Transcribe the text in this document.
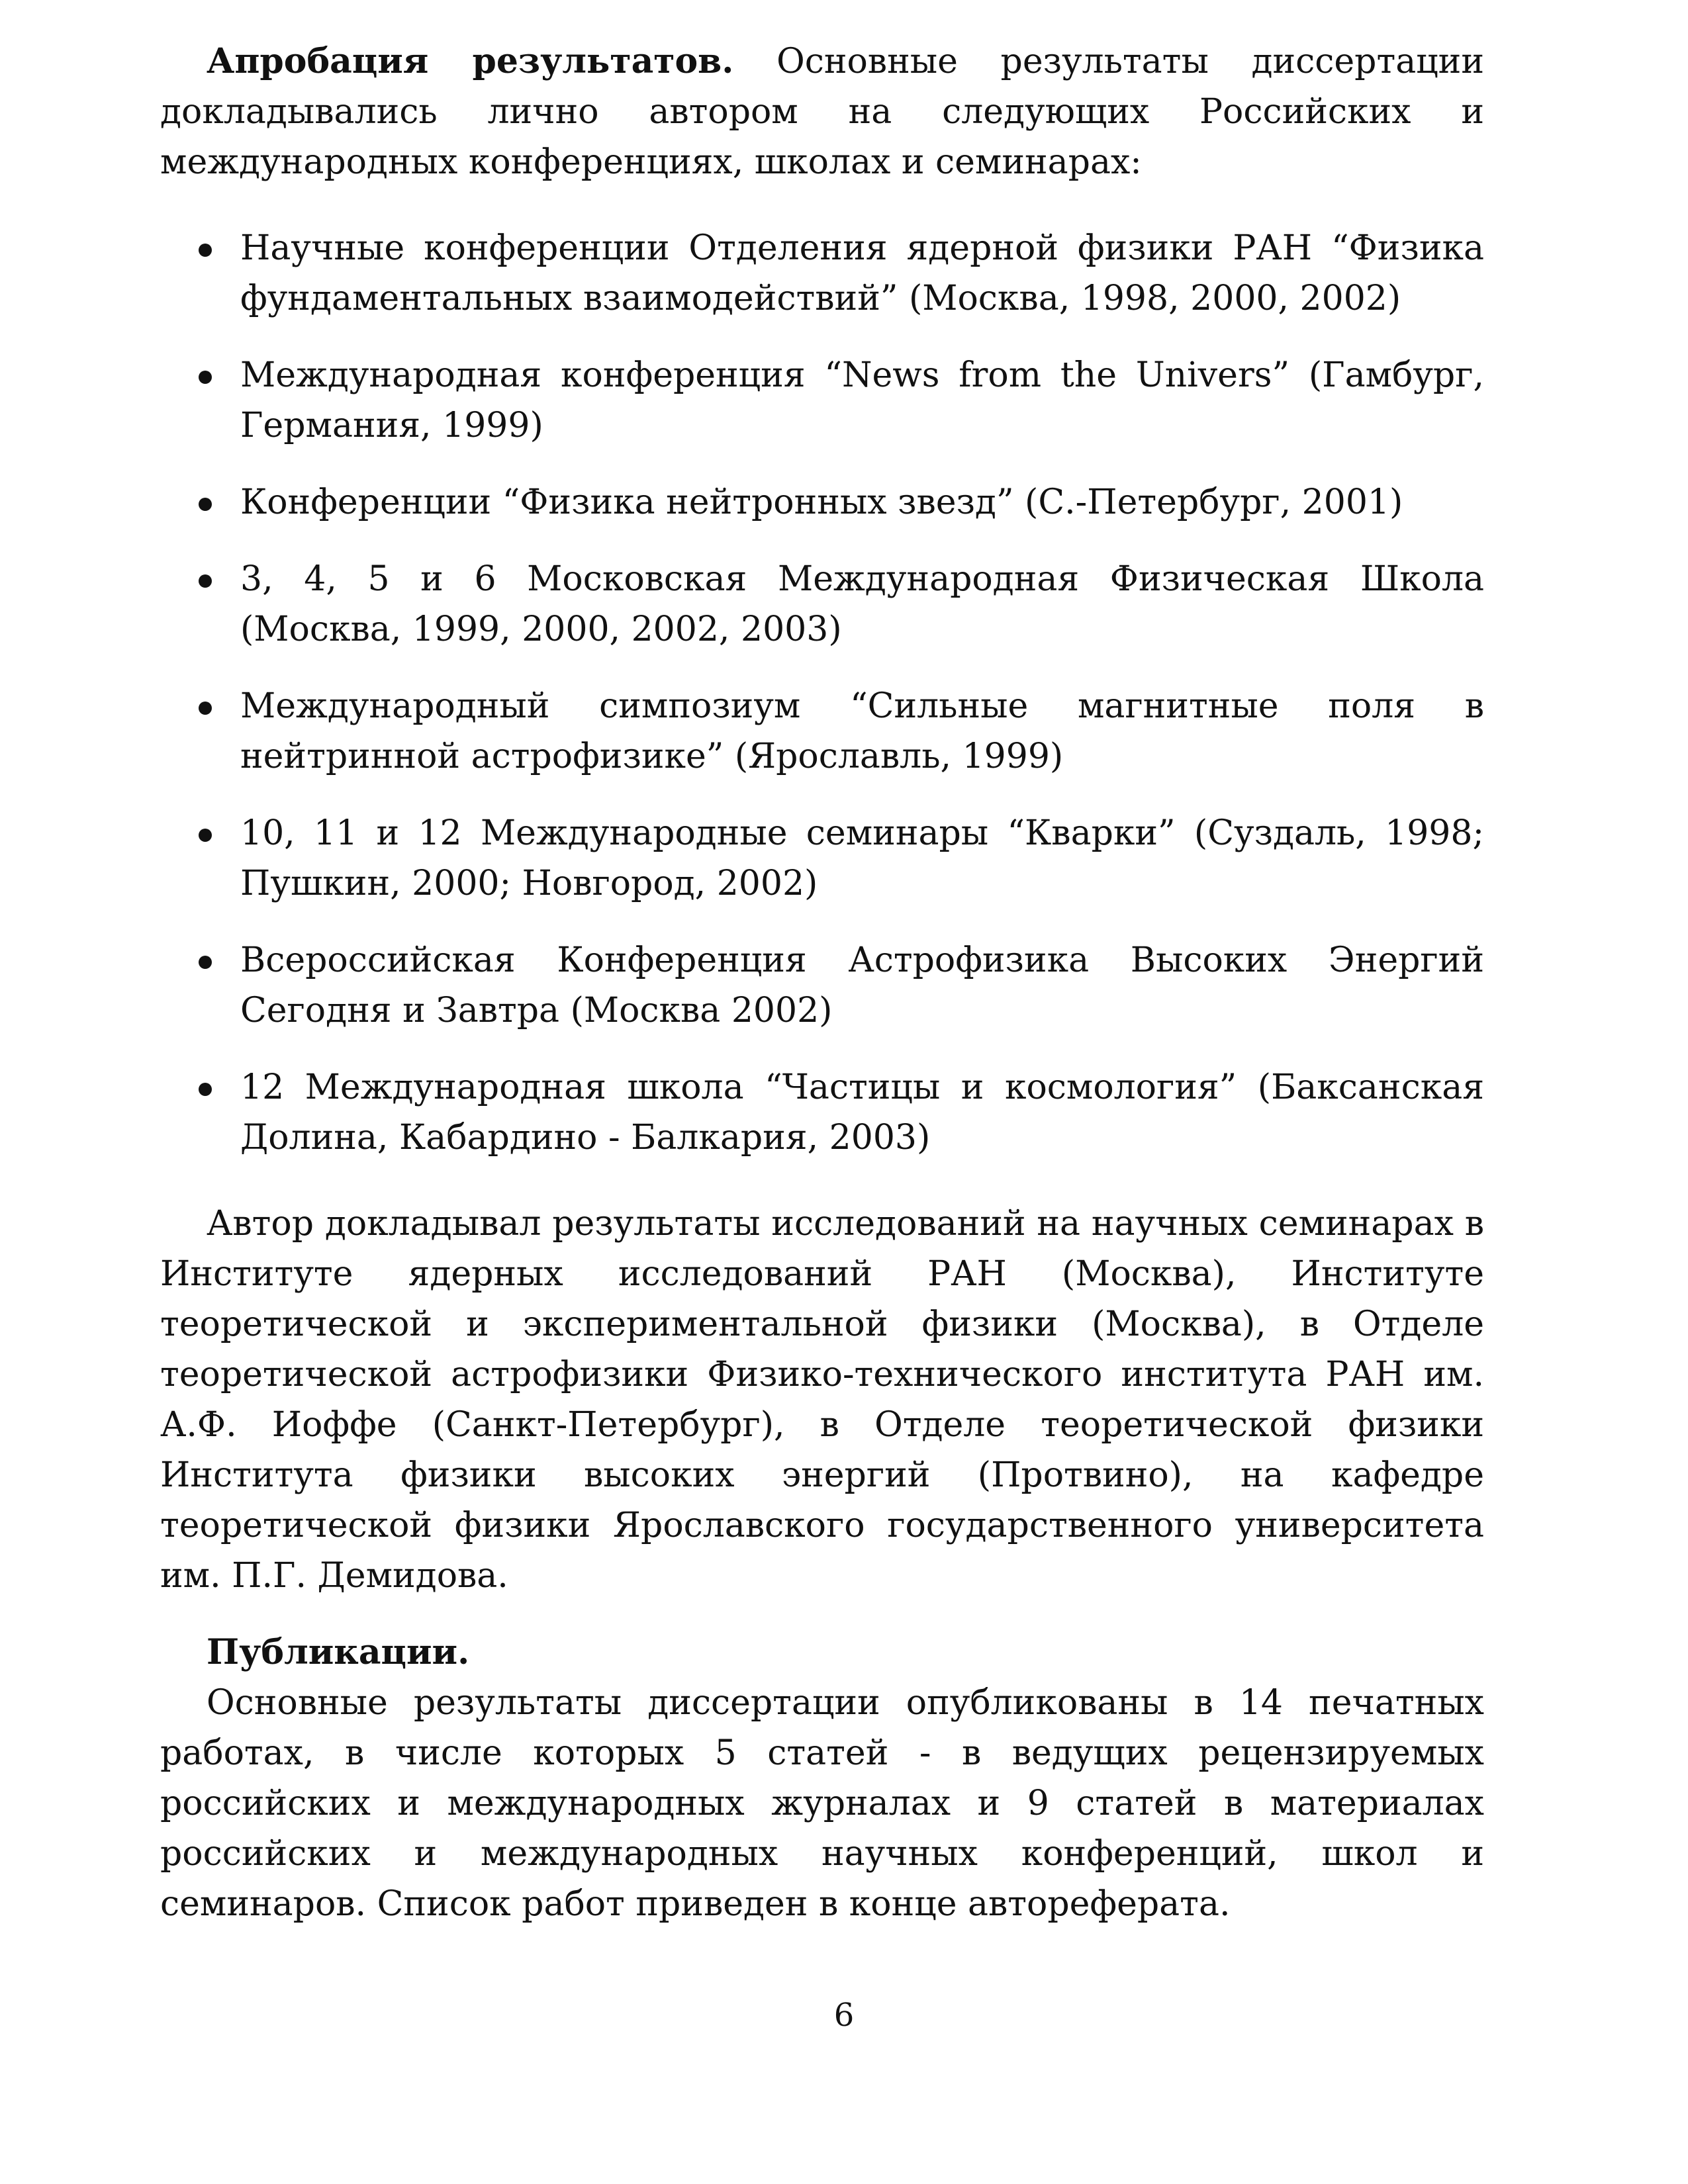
Апробация результатов. Основные результаты диссертации докладывались лично автором на следующих Российских и международных конференциях, школах и семинарах:

Научные конференции Отделения ядерной физики РАН “Физика фундаментальных взаимодействий” (Москва, 1998, 2000, 2002)
Международная конференция “News from the Univers” (Гамбург, Германия, 1999)
Конференции “Физика нейтронных звезд” (С.-Петербург, 2001)
3, 4, 5 и 6 Московская Международная Физическая Школа (Москва, 1999, 2000, 2002, 2003)
Международный симпозиум “Сильные магнитные поля в нейтринной астрофизике” (Ярославль, 1999)
10, 11 и 12 Международные семинары “Кварки” (Суздаль, 1998; Пушкин, 2000; Новгород, 2002)
Всероссийская Конференция Астрофизика Высоких Энергий Сегодня и Завтра (Москва 2002)
12 Международная школа “Частицы и космология” (Баксанская Долина, Кабардино - Балкария, 2003)

Автор докладывал результаты исследований на научных семинарах в Институте ядерных исследований РАН (Москва), Институте теоретической и экспериментальной физики (Москва), в Отделе теоретической астрофизики Физико-технического института РАН им. А.Ф. Иоффе (Санкт-Петербург), в Отделе теоретической физики Института физики высоких энергий (Протвино), на кафедре теоретической физики Ярославского государственного университета им. П.Г. Демидова.

Публикации.

Основные результаты диссертации опубликованы в 14 печатных работах, в числе которых 5 статей - в ведущих рецензируемых российских и международных журналах и 9 статей в материалах российских и международных научных конференций, школ и семинаров. Список работ приведен в конце автореферата.

6
